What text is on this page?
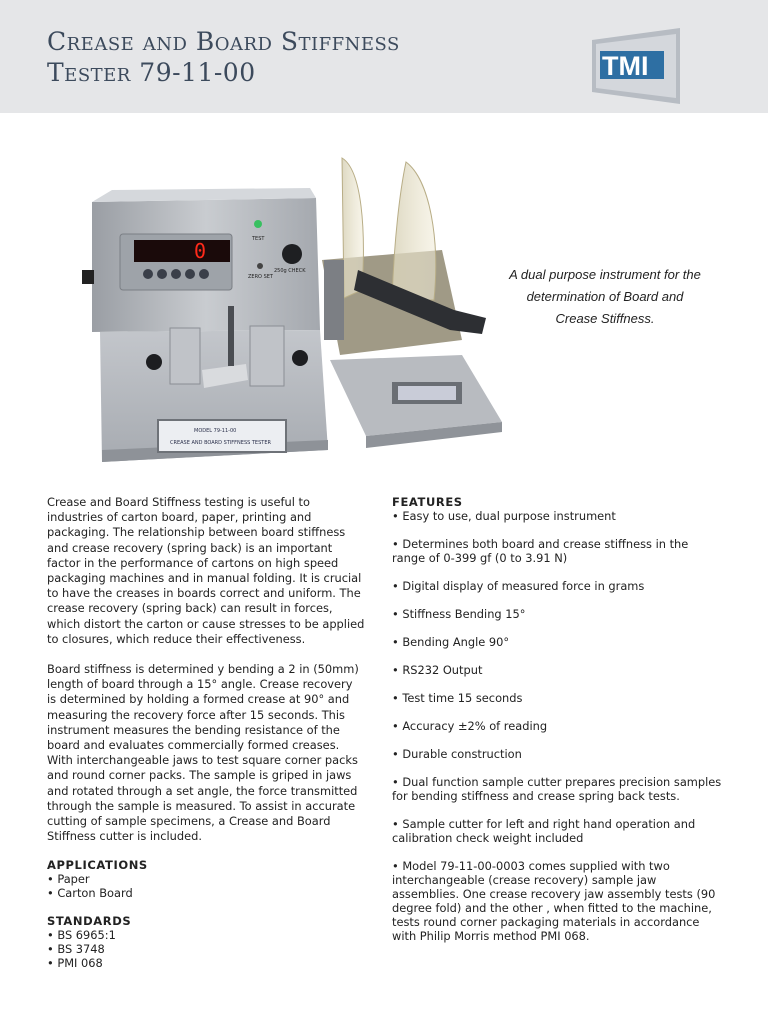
Crease and Board Stiffness
Tester 79-11-00	TMI
0	TEST
ZERO SET
250g CHECK
MODEL 79-11-00
CREASE AND BOARD STIFFNESS TESTER

A dual purpose instrument for the
determination of Board and
Crease Stiffness.

Crease and Board Stiffness testing is useful to industries of carton board, paper, printing and packaging. The relationship between board stiffness and crease recovery (spring back) is an important factor in the performance of cartons on high speed packaging machines and in manual folding. It is crucial to have the creases in boards correct and uniform. The crease recovery (spring back) can result in forces, which distort the carton or cause stresses to be applied to closures, which reduce their effectiveness.

Board stiffness is determined y bending a 2 in (50mm) length of board through a 15° angle. Crease recovery is determined by holding a formed crease at 90° and measuring the recovery force after 15 seconds. This instrument measures the bending resistance of the board and evaluates commercially formed creases. With interchangeable jaws to test square corner packs and round corner packs. The sample is griped in jaws and rotated through a set angle, the force transmitted through the sample is measured. To assist in accurate cutting of sample specimens, a Crease and Board Stiffness cutter is included.

APPLICATIONS
• Paper
• Carton Board
STANDARDS
• BS 6965:1
• BS 3748
• PMI 068
FEATURES
• Easy to use, dual purpose instrument
• Determines both board and crease stiffness in the range of 0-399 gf (0 to 3.91 N)
• Digital display of measured force in grams
• Stiffness Bending 15°
• Bending Angle 90°
• RS232 Output
• Test time 15 seconds
• Accuracy ±2% of reading
• Durable construction
• Dual function sample cutter prepares precision samples for bending stiffness and crease spring back tests.
• Sample cutter for left and right hand operation and calibration check weight included
• Model 79-11-00-0003 comes supplied with two interchangeable (crease recovery) sample jaw assemblies. One crease recovery jaw assembly tests (90 degree fold) and the other , when fitted to the machine, tests round corner packaging materials in accordance with Philip Morris method PMI 068.
